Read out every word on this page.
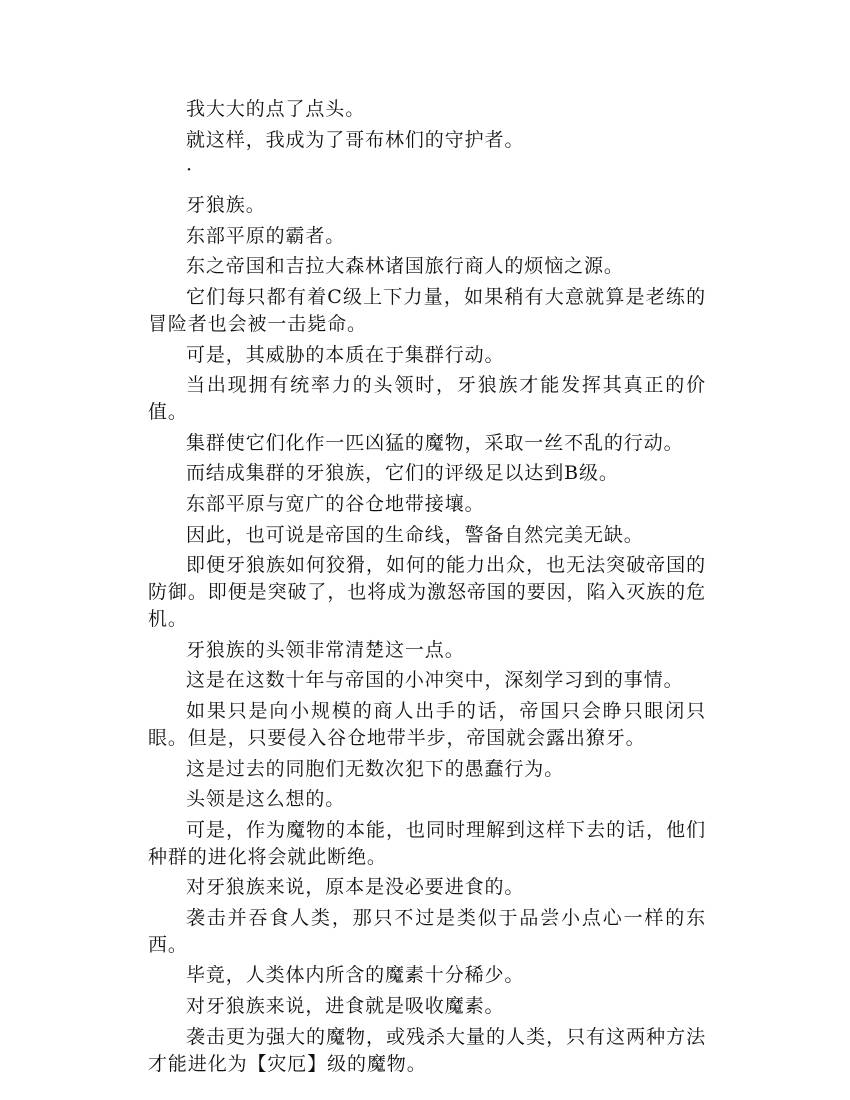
我大大的点了点头。

就这样，我成为了哥布林们的守护者。

·

牙狼族。

东部平原的霸者。

东之帝国和吉拉大森林诸国旅行商人的烦恼之源。

它们每只都有着C级上下力量，如果稍有大意就算是老练的冒险者也会被一击毙命。

可是，其威胁的本质在于集群行动。

当出现拥有统率力的头领时，牙狼族才能发挥其真正的价值。

集群使它们化作一匹凶猛的魔物，采取一丝不乱的行动。

而结成集群的牙狼族，它们的评级足以达到B级。

东部平原与宽广的谷仓地带接壤。

因此，也可说是帝国的生命线，警备自然完美无缺。

即便牙狼族如何狡猾，如何的能力出众，也无法突破帝国的防御。即便是突破了，也将成为激怒帝国的要因，陷入灭族的危机。

牙狼族的头领非常清楚这一点。

这是在这数十年与帝国的小冲突中，深刻学习到的事情。

如果只是向小规模的商人出手的话，帝国只会睁只眼闭只眼。但是，只要侵入谷仓地带半步，帝国就会露出獠牙。

这是过去的同胞们无数次犯下的愚蠢行为。

头领是这么想的。

可是，作为魔物的本能，也同时理解到这样下去的话，他们种群的进化将会就此断绝。

对牙狼族来说，原本是没必要进食的。

袭击并吞食人类，那只不过是类似于品尝小点心一样的东西。

毕竟，人类体内所含的魔素十分稀少。

对牙狼族来说，进食就是吸收魔素。

袭击更为强大的魔物，或残杀大量的人类，只有这两种方法才能进化为【灾厄】级的魔物。
